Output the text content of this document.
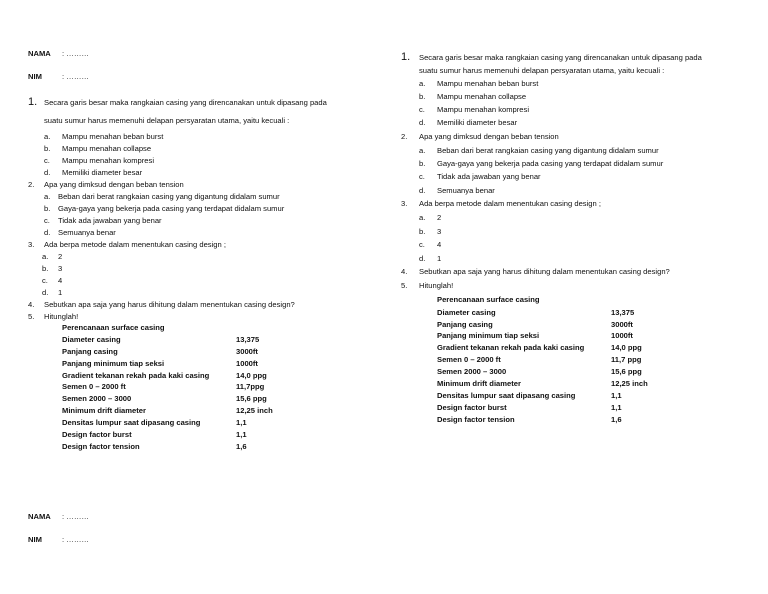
NAMA : ………
NIM	: ………
1. Secara garis besar maka rangkaian casing yang direncanakan untuk dipasang pada
suatu sumur harus memenuhi delapan persyaratan utama, yaitu kecuali :
a. Mampu menahan beban burst
b. Mampu menahan collapse
c. Mampu menahan kompresi
d. Memiliki diameter besar
2. Apa yang dimksud dengan beban tension
a. Beban dari berat rangkaian casing yang digantung didalam sumur
b. Gaya-gaya yang bekerja pada casing yang terdapat didalam sumur
c. Tidak ada jawaban yang benar
d. Semuanya benar
3. Ada berpa metode dalam menentukan casing design ;
a. 2
b. 3
c. 4
d. 1
4. Sebutkan apa saja yang harus dihitung dalam menentukan casing design?
5. Hitunglah!
Perencanaan surface casing
Diameter casing	13,375
Panjang casing	3000ft
Panjang minimum tiap seksi	1000ft
Gradient tekanan rekah pada kaki casing	14,0 ppg
Semen 0 – 2000 ft	11,7ppg
Semen 2000 – 3000	15,6 ppg
Minimum drift diameter	12,25 inch
Densitas lumpur saat dipasang casing	1,1
Design factor burst	1,1
Design factor tension	1,6
NAMA : ………
NIM	: ………
1. Secara garis besar maka rangkaian casing yang direncanakan untuk dipasang pada
suatu sumur harus memenuhi delapan persyaratan utama, yaitu kecuali :
a. Mampu menahan beban burst
b. Mampu menahan collapse
c. Mampu menahan kompresi
d. Memiliki diameter besar
2. Apa yang dimksud dengan beban tension
a. Beban dari berat rangkaian casing yang digantung didalam sumur
b. Gaya-gaya yang bekerja pada casing yang terdapat didalam sumur
c. Tidak ada jawaban yang benar
d. Semuanya benar
3. Ada berpa metode dalam menentukan casing design ;
a. 2
b. 3
c. 4
d. 1
4. Sebutkan apa saja yang harus dihitung dalam menentukan casing design?
5. Hitunglah!
Perencanaan surface casing
Diameter casing	13,375
Panjang casing	3000ft
Panjang minimum tiap seksi	1000ft
Gradient tekanan rekah pada kaki casing	14,0 ppg
Semen 0 – 2000 ft	11,7 ppg
Semen 2000 – 3000	15,6 ppg
Minimum drift diameter	12,25 inch
Densitas lumpur saat dipasang casing	1,1
Design factor burst	1,1
Design factor tension	1,6
